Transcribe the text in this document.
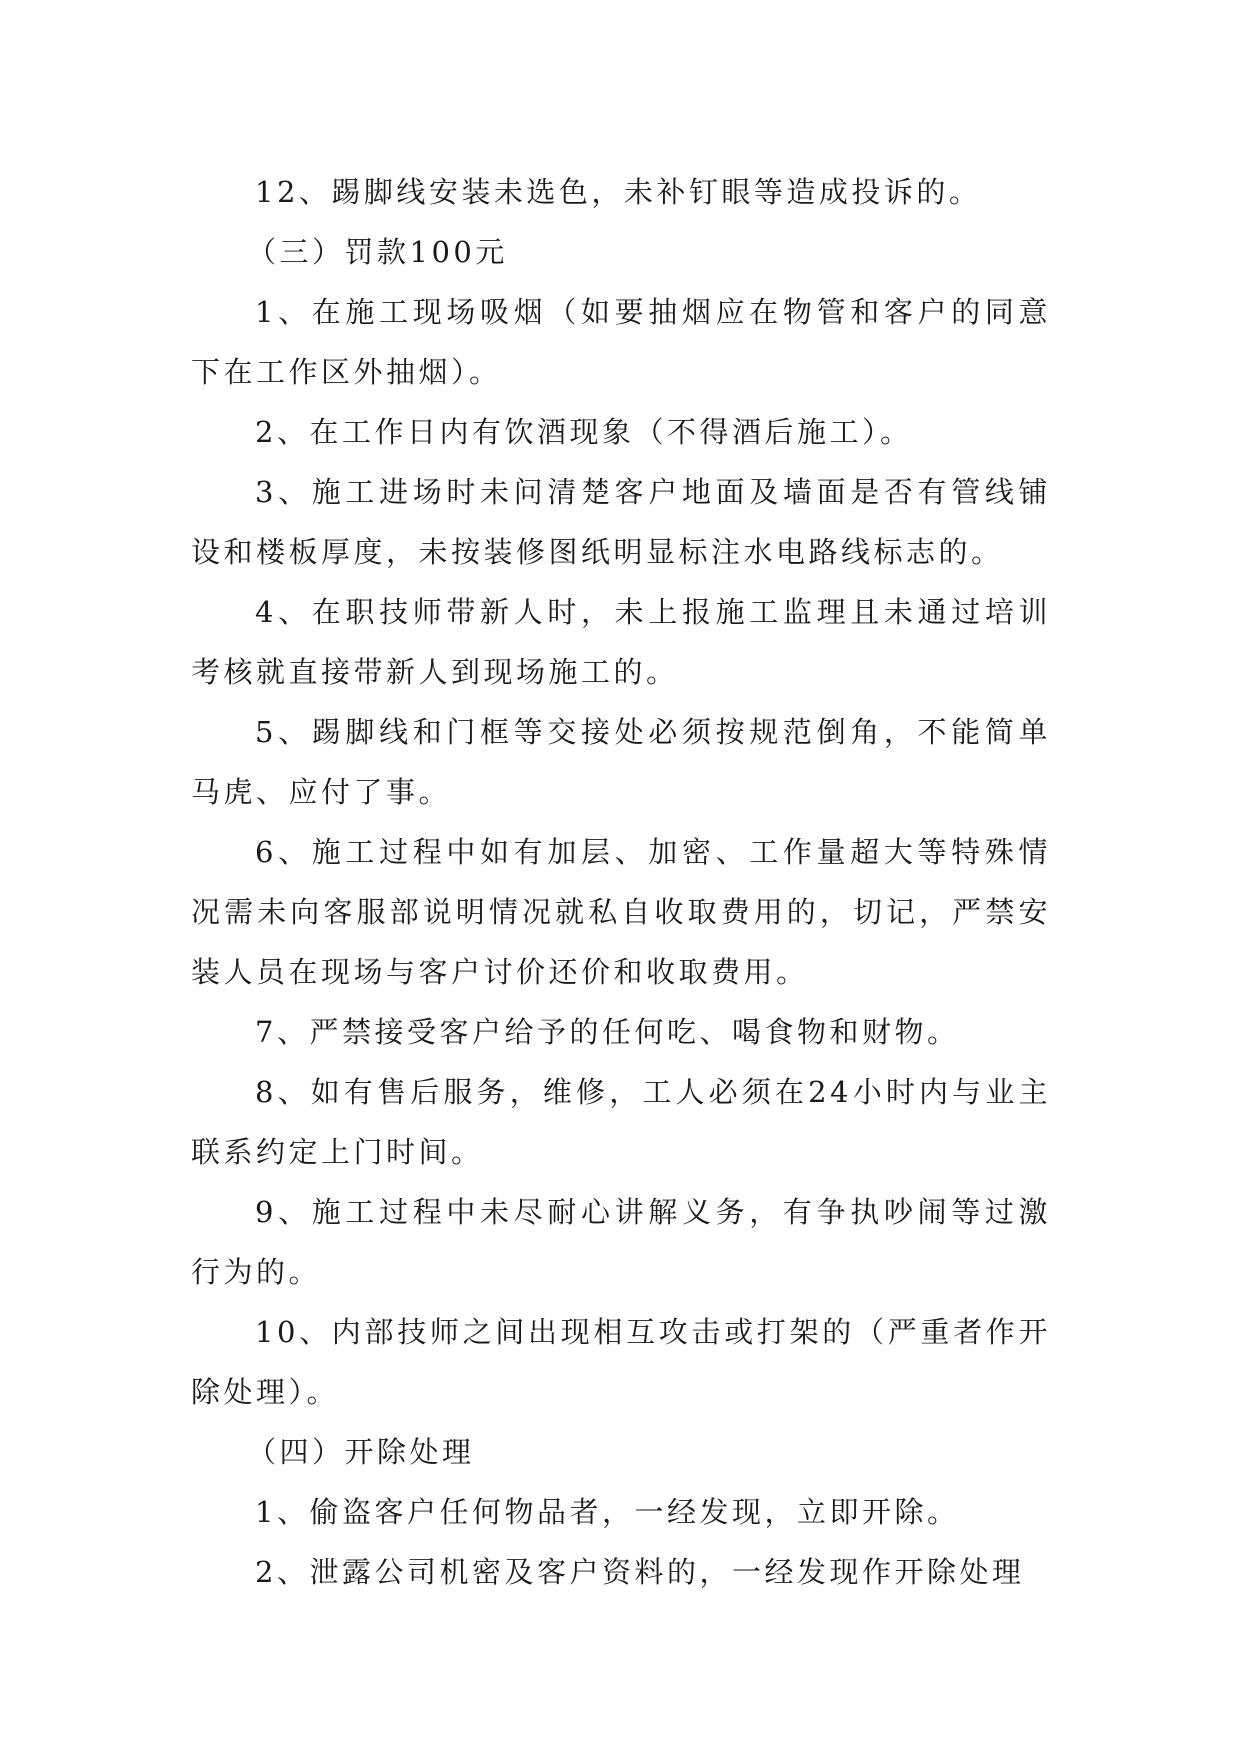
12、踢脚线安装未选色，未补钉眼等造成投诉的。

（三）罚款100元

1、在施工现场吸烟（如要抽烟应在物管和客户的同意下在工作区外抽烟）。

2、在工作日内有饮酒现象（不得酒后施工）。

3、施工进场时未问清楚客户地面及墙面是否有管线铺设和楼板厚度，未按装修图纸明显标注水电路线标志的。

4、在职技师带新人时，未上报施工监理且未通过培训考核就直接带新人到现场施工的。

5、踢脚线和门框等交接处必须按规范倒角，不能简单马虎、应付了事。

6、施工过程中如有加层、加密、工作量超大等特殊情况需未向客服部说明情况就私自收取费用的，切记，严禁安装人员在现场与客户讨价还价和收取费用。

7、严禁接受客户给予的任何吃、喝食物和财物。

8、如有售后服务，维修，工人必须在24小时内与业主联系约定上门时间。

9、施工过程中未尽耐心讲解义务，有争执吵闹等过激行为的。

10、内部技师之间出现相互攻击或打架的（严重者作开除处理）。

（四）开除处理

1、偷盗客户任何物品者，一经发现，立即开除。

2、泄露公司机密及客户资料的，一经发现作开除处理
